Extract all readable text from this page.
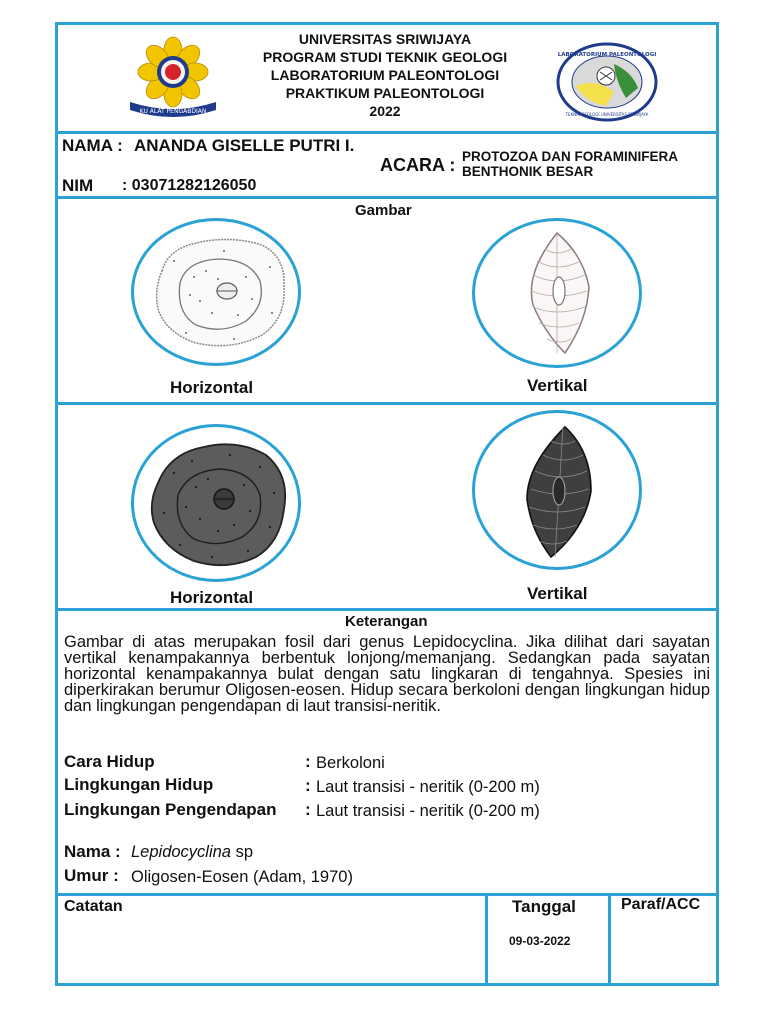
KU ALAT PENGABDIAN
UNIVERSITAS SRIWIJAYA
PROGRAM STUDI TEKNIK GEOLOGI
LABORATORIUM PALEONTOLOGI
PRAKTIKUM PALEONTOLOGI
2022
LABORATORIUM PALEONTOLOGI
TEKNIK GEOLOGI UNIVERSITAS SRIWIJAYA
NAMA : ANANDA GISELLE PUTRI I.
NIM : 03071282126050
ACARA : PROTOZOA DAN FORAMINIFERA
BENTHONIK BESAR
Gambar
Horizontal	Vertikal
Horizontal	Vertikal
Keterangan
Gambar di atas merupakan fosil dari genus Lepidocyclina. Jika dilihat dari sayatan vertikal kenampakannya berbentuk lonjong/memanjang. Sedangkan pada sayatan horizontal kenampakannya bulat dengan satu lingkaran di tengahnya. Spesies ini diperkirakan berumur Oligosen-eosen. Hidup secara berkoloni dengan lingkungan hidup dan lingkungan pengendapan di laut transisi-neritik.
Cara Hidup	: Berkoloni
Lingkungan Hidup	: Laut transisi - neritik (0-200 m)
Lingkungan Pengendapan : Laut transisi - neritik (0-200 m)
Nama : Lepidocyclina sp
Umur : Oligosen-Eosen (Adam, 1970)
Catatan	Tanggal
09-03-2022
Paraf/ACC
